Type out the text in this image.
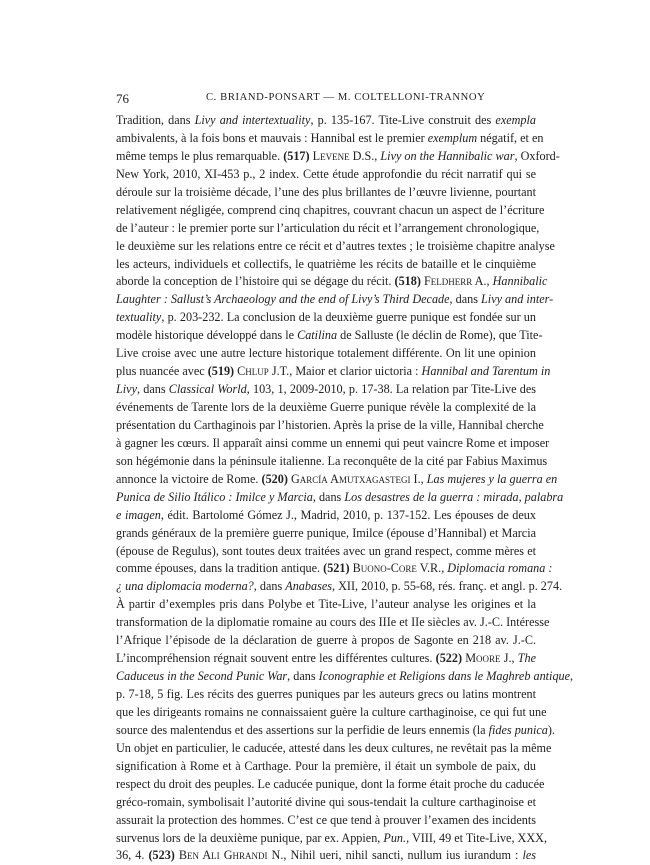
76	C. BRIAND-PONSART — M. COLTELLONI-TRANNOY
Tradition, dans Livy and intertextuality, p. 135-167. Tite-Live construit des exempla
ambivalents, à la fois bons et mauvais : Hannibal est le premier exemplum négatif, et en
même temps le plus remarquable. (517) Levene D.S., Livy on the Hannibalic war, Oxford-
New York, 2010, XI-453 p., 2 index. Cette étude approfondie du récit narratif qui se
déroule sur la troisième décade, l’une des plus brillantes de l’œuvre livienne, pourtant
relativement négligée, comprend cinq chapitres, couvrant chacun un aspect de l’écriture
de l’auteur : le premier porte sur l’articulation du récit et l’arrangement chronologique,
le deuxième sur les relations entre ce récit et d’autres textes ; le troisième chapitre analyse
les acteurs, individuels et collectifs, le quatrième les récits de bataille et le cinquième
aborde la conception de l’histoire qui se dégage du récit. (518) Feldherr A., Hannibalic
Laughter : Sallust’s Archaeology and the end of Livy’s Third Decade, dans Livy and inter-
textuality, p. 203-232. La conclusion de la deuxième guerre punique est fondée sur un
modèle historique développé dans le Catilina de Salluste (le déclin de Rome), que Tite-
Live croise avec une autre lecture historique totalement différente. On lit une opinion
plus nuancée avec (519) Chlup J.T., Maior et clarior uictoria : Hannibal and Tarentum in
Livy, dans Classical World, 103, 1, 2009-2010, p. 17-38. La relation par Tite-Live des
événements de Tarente lors de la deuxième Guerre punique révèle la complexité de la
présentation du Carthaginois par l’historien. Après la prise de la ville, Hannibal cherche
à gagner les cœurs. Il apparaît ainsi comme un ennemi qui peut vaincre Rome et imposer
son hégémonie dans la péninsule italienne. La reconquête de la cité par Fabius Maximus
annonce la victoire de Rome. (520) García Amutxagastegi I., Las mujeres y la guerra en
Punica de Silio Itálico : Imilce y Marcia, dans Los desastres de la guerra : mirada, palabra
e imagen, édit. Bartolomé Gómez J., Madrid, 2010, p. 137-152. Les épouses de deux
grands généraux de la première guerre punique, Imilce (épouse d’Hannibal) et Marcia
(épouse de Regulus), sont toutes deux traitées avec un grand respect, comme mères et
comme épouses, dans la tradition antique. (521) Buono-Core V.R., Diplomacia romana :
¿ una diplomacia moderna?, dans Anabases, XII, 2010, p. 55-68, rés. franç. et angl. p. 274.
À partir d’exemples pris dans Polybe et Tite-Live, l’auteur analyse les origines et la
transformation de la diplomatie romaine au cours des IIIe et IIe siècles av. J.-C. Intéresse
l’Afrique l’épisode de la déclaration de guerre à propos de Sagonte en 218 av. J.-C.
L’incompréhension régnait souvent entre les différentes cultures. (522) Moore J., The
Caduceus in the Second Punic War, dans Iconographie et Religions dans le Maghreb antique,
p. 7-18, 5 fig. Les récits des guerres puniques par les auteurs grecs ou latins montrent
que les dirigeants romains ne connaissaient guère la culture carthaginoise, ce qui fut une
source des malentendus et des assertions sur la perfidie de leurs ennemis (la fides punica).
Un objet en particulier, le caducée, attesté dans les deux cultures, ne revêtait pas la même
signification à Rome et à Carthage. Pour la première, il était un symbole de paix, du
respect du droit des peuples. Le caducée punique, dont la forme était proche du caducée
gréco-romain, symbolisait l’autorité divine qui sous-tendait la culture carthaginoise et
assurait la protection des hommes. C’est ce que tend à prouver l’examen des incidents
survenus lors de la deuxième punique, par ex. Appien, Pun., VIII, 49 et Tite-Live, XXX,
36, 4. (523) Ben Ali Ghrandi N., Nihil ueri, nihil sancti, nullum ius iurandum : les
